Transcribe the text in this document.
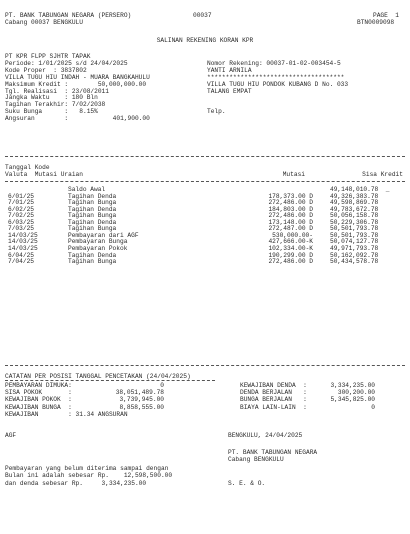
PT. BANK TABUNGAN NEGARA (PERSERO)
Cabang 00037 BENGKULU
00037	PAGE  1
BTN0009098
SALINAN REKENING KORAN KPR
PT KPR FLPP SJHTR TAPAK
Periode: 1/01/2025 s/d 24/04/2025
Kode Proper  : 3837802
VILLA TUGU HIU INDAH - MUARA BANGKAHULU
Maksimum Kredit :        50,000,000.00
Tgl. Realisasi  : 23/08/2011
Jangka Waktu    : 180 Bln
Tagihan Terakhir: 7/02/2038
Suku Bunga      :   8.15%
Angsuran        :            401,900.00
Nomor Rekening: 00037-01-02-003454-5
YANTI ARNILA
*************************************
VILLA TUGU HIU PONDOK KUBANG D No. 033
TALANG EMPAT
Telp.
Tanggal Kode
Valuta  Mutasi Uraian	Mutasi	Sisa Kredit
Saldo Awal	49,148,010.78  _
6/01/25	Tagihan Denda	178,373.00 D	49,326,383.78
7/01/25	Tagihan Bunga	272,486.00 D	49,598,869.78
6/02/25	Tagihan Denda	184,803.00 D	49,783,672.78
7/02/25	Tagihan Bunga	272,486.00 D	50,056,158.78
6/03/25	Tagihan Denda	173,148.00 D	50,229,306.78
7/03/25	Tagihan Bunga	272,487.00 D	50,501,793.78
14/03/25	Pembayaran dari AGF	530,000.00-	50,501,793.78
14/03/25	Pembayaran Bunga	427,666.00-K	50,074,127.78
14/03/25	Pembayaran Pokok	102,334.00-K	49,971,793.78
6/04/25	Tagihan Denda	190,299.00 D	50,162,092.78
7/04/25	Tagihan Bunga	272,486.00 D	50,434,578.78
CATATAN PER POSISI TANGGAL PENCETAKAN (24/04/2025)
PEMBAYARAN DIMUKA:	0
SISA POKOK       :	38,051,489.78
KEWAJIBAN POKOK  :	3,739,945.00
KEWAJIBAN BUNGA  :	8,858,555.00
KEWAJIBAN        : 31.34 ANGSURAN
KEWAJIBAN DENDA  :	3,334,235.00
DENDA BERJALAN   :	300,200.00
BUNGA BERJALAN   :	5,345,825.00
BIAYA LAIN-LAIN  :	0
AGF	BENGKULU, 24/04/2025
PT. BANK TABUNGAN NEGARA
Cabang BENGKULU
Pembayaran yang belum diterima sampai dengan
Bulan ini adalah sebesar Rp.    12,598,500.00
dan denda sebesar Rp.     3,334,235.00	S. E. & O.
